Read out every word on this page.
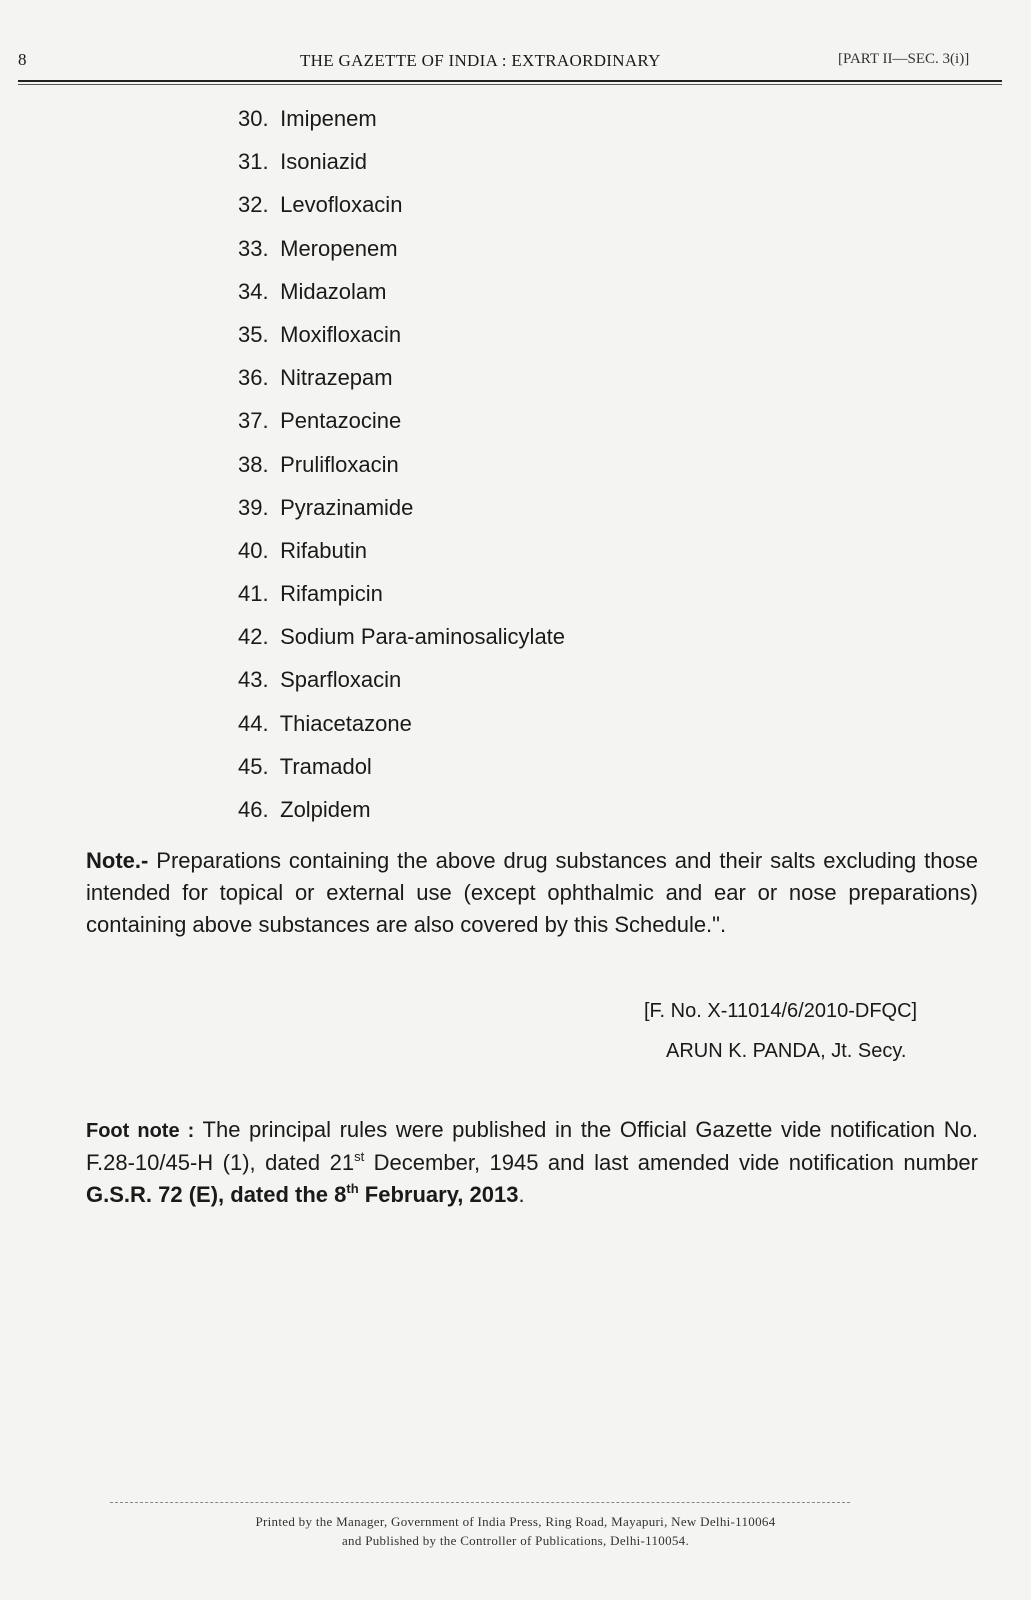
8	THE GAZETTE OF INDIA : EXTRAORDINARY	[PART II—SEC. 3(i)]
30. Imipenem
31. Isoniazid
32. Levofloxacin
33. Meropenem
34. Midazolam
35. Moxifloxacin
36. Nitrazepam
37. Pentazocine
38. Prulifloxacin
39. Pyrazinamide
40. Rifabutin
41. Rifampicin
42. Sodium Para-aminosalicylate
43. Sparfloxacin
44. Thiacetazone
45. Tramadol
46. Zolpidem

Note.- Preparations containing the above drug substances and their salts excluding those intended for topical or external use (except ophthalmic and ear or nose preparations) containing above substances are also covered by this Schedule.".

[F. No. X-11014/6/2010-DFQC]
ARUN K. PANDA, Jt. Secy.

Foot note : The principal rules were published in the Official Gazette vide notification No. F.28-10/45-H (1), dated 21st December, 1945 and last amended vide notification number G.S.R. 72 (E), dated the 8th February, 2013.

Printed by the Manager, Government of India Press, Ring Road, Mayapuri, New Delhi-110064
and Published by the Controller of Publications, Delhi-110054.
